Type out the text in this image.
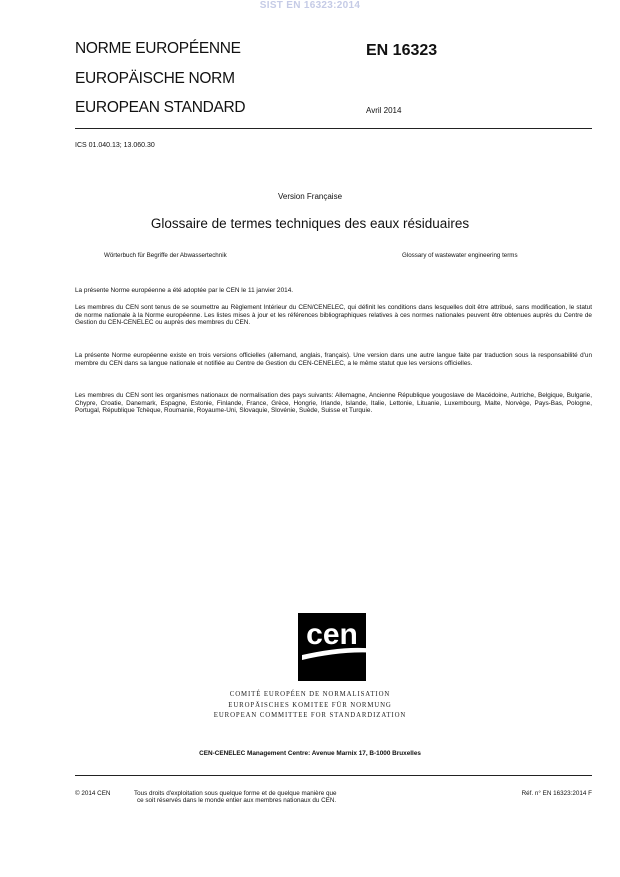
SIST EN 16323:2014
NORME EUROPÉENNE
EUROPÄISCHE NORM
EUROPEAN STANDARD
EN 16323
Avril 2014
ICS 01.040.13; 13.060.30
Version Française
Glossaire de termes techniques des eaux résiduaires
Wörterbuch für Begriffe der Abwassertechnik	Glossary of wastewater engineering terms
La présente Norme européenne a été adoptée par le CEN le 11 janvier 2014.
Les membres du CEN sont tenus de se soumettre au Règlement Intérieur du CEN/CENELEC, qui définit les conditions dans lesquelles doit être attribué, sans modification, le statut de norme nationale à la Norme européenne. Les listes mises à jour et les références bibliographiques relatives à ces normes nationales peuvent être obtenues auprès du Centre de Gestion du CEN-CENELEC ou auprès des membres du CEN.
La présente Norme européenne existe en trois versions officielles (allemand, anglais, français). Une version dans une autre langue faite par traduction sous la responsabilité d'un membre du CEN dans sa langue nationale et notifiée au Centre de Gestion du CEN-CENELEC, a le même statut que les versions officielles.
Les membres du CEN sont les organismes nationaux de normalisation des pays suivants: Allemagne, Ancienne République yougoslave de Macédoine, Autriche, Belgique, Bulgarie, Chypre, Croatie, Danemark, Espagne, Estonie, Finlande, France, Grèce, Hongrie, Irlande, Islande, Italie, Lettonie, Lituanie, Luxembourg, Malte, Norvège, Pays-Bas, Pologne, Portugal, République Tchèque, Roumanie, Royaume-Uni, Slovaquie, Slovénie, Suède, Suisse et Turquie.
cen
COMITÉ EUROPÉEN DE NORMALISATION
EUROPÄISCHES KOMITEE FÜR NORMUNG
EUROPEAN COMMITTEE FOR STANDARDIZATION
CEN-CENELEC Management Centre: Avenue Marnix 17, B-1000 Bruxelles
© 2014 CEN	Tous droits d'exploitation sous quelque forme et de quelque manière que
ce soit réservés dans le monde entier aux membres nationaux du CEN.
Réf. n° EN 16323:2014 F
